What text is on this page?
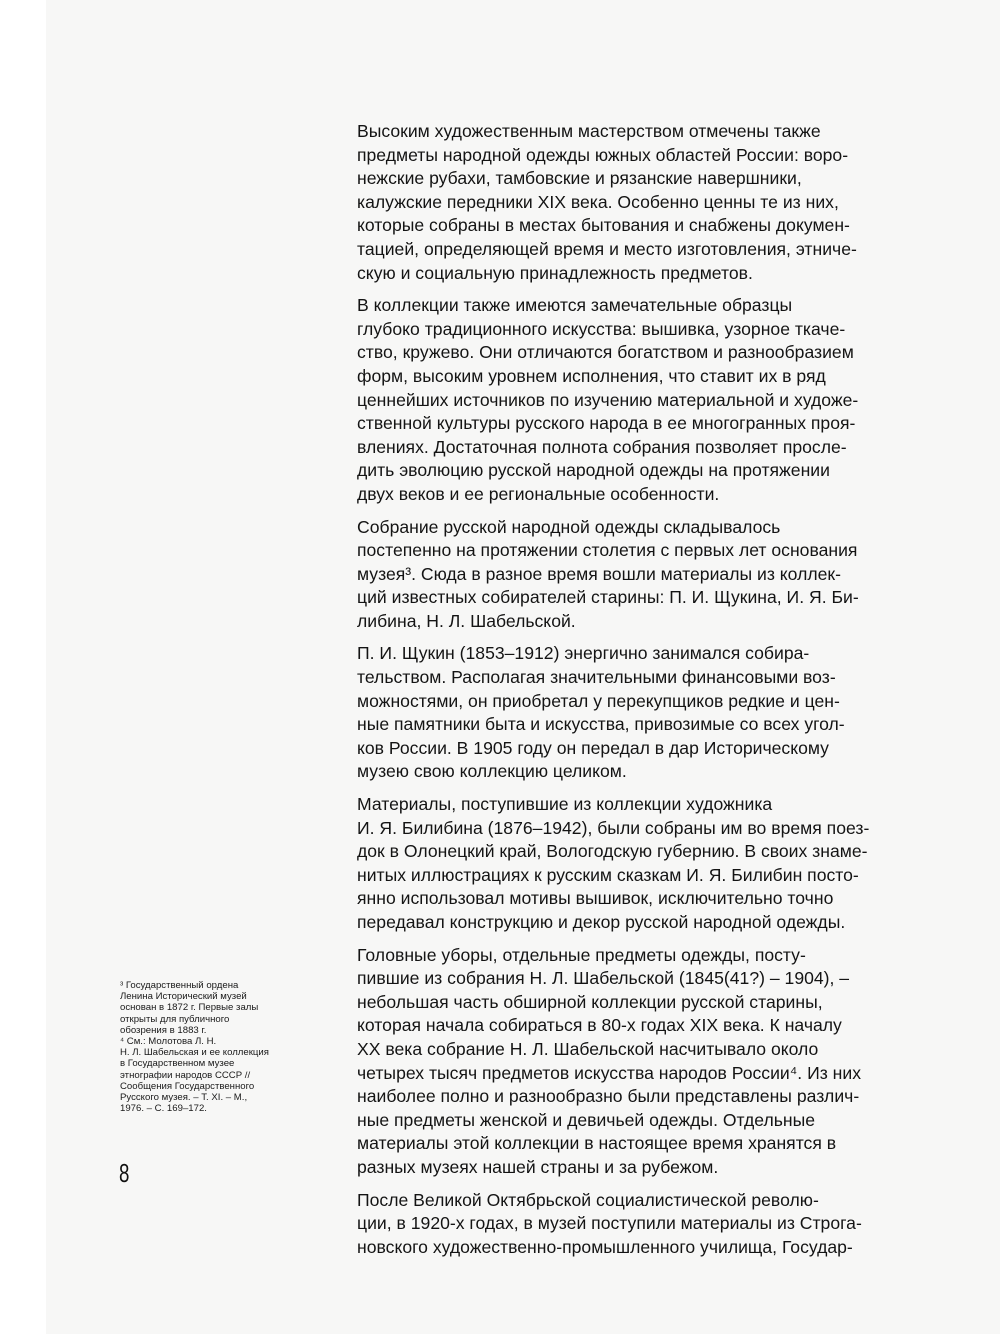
Высоким художественным мастерством отмечены также
предметы народной одежды южных областей России: воро-
нежские рубахи, тамбовские и рязанские навершники,
калужские передники XIX века. Особенно ценны те из них,
которые собраны в местах бытования и снабжены докумен-
тацией, определяющей время и место изготовления, этниче-
скую и социальную принадлежность предметов.

В коллекции также имеются замечательные образцы
глубоко традиционного искусства: вышивка, узорное ткаче-
ство, кружево. Они отличаются богатством и разнообразием
форм, высоким уровнем исполнения, что ставит их в ряд
ценнейших источников по изучению материальной и художе-
ственной культуры русского народа в ее многогранных проя-
влениях. Достаточная полнота собрания позволяет просле-
дить эволюцию русской народной одежды на протяжении
двух веков и ее региональные особенности.

Собрание русской народной одежды складывалось
постепенно на протяжении столетия с первых лет основания
музея³. Сюда в разное время вошли материалы из коллек-
ций известных собирателей старины: П. И. Щукина, И. Я. Би-
либина, Н. Л. Шабельской.

П. И. Щукин (1853–1912) энергично занимался собира-
тельством. Располагая значительными финансовыми воз-
можностями, он приобретал у перекупщиков редкие и цен-
ные памятники быта и искусства, привозимые со всех угол-
ков России. В 1905 году он передал в дар Историческому
музею свою коллекцию целиком.

Материалы, поступившие из коллекции художника
И. Я. Билибина (1876–1942), были собраны им во время поез-
док в Олонецкий край, Вологодскую губернию. В своих знаме-
нитых иллюстрациях к русским сказкам И. Я. Билибин посто-
янно использовал мотивы вышивок, исключительно точно
передавал конструкцию и декор русской народной одежды.

Головные уборы, отдельные предметы одежды, посту-
пившие из собрания Н. Л. Шабельской (1845(41?) – 1904), –
небольшая часть обширной коллекции русской старины,
которая начала собираться в 80-х годах XIX века. К началу
XX века собрание Н. Л. Шабельской насчитывало около
четырех тысяч предметов искусства народов России⁴. Из них
наиболее полно и разнообразно были представлены различ-
ные предметы женской и девичьей одежды. Отдельные
материалы этой коллекции в настоящее время хранятся в
разных музеях нашей страны и за рубежом.

После Великой Октябрьской социалистической револю-
ции, в 1920-х годах, в музей поступили материалы из Строга-
новского художественно-промышленного училища, Государ-

³ Государственный ордена
Ленина Исторический музей
основан в 1872 г. Первые залы
открыты для публичного
обозрения в 1883 г.
⁴ См.: Молотова Л. Н.
Н. Л. Шабельская и ее коллекция
в Государственном музее
этнографии народов СССР //
Сообщения Государственного
Русского музея. – Т. XI. – М.,
1976. – С. 169–172.
8
